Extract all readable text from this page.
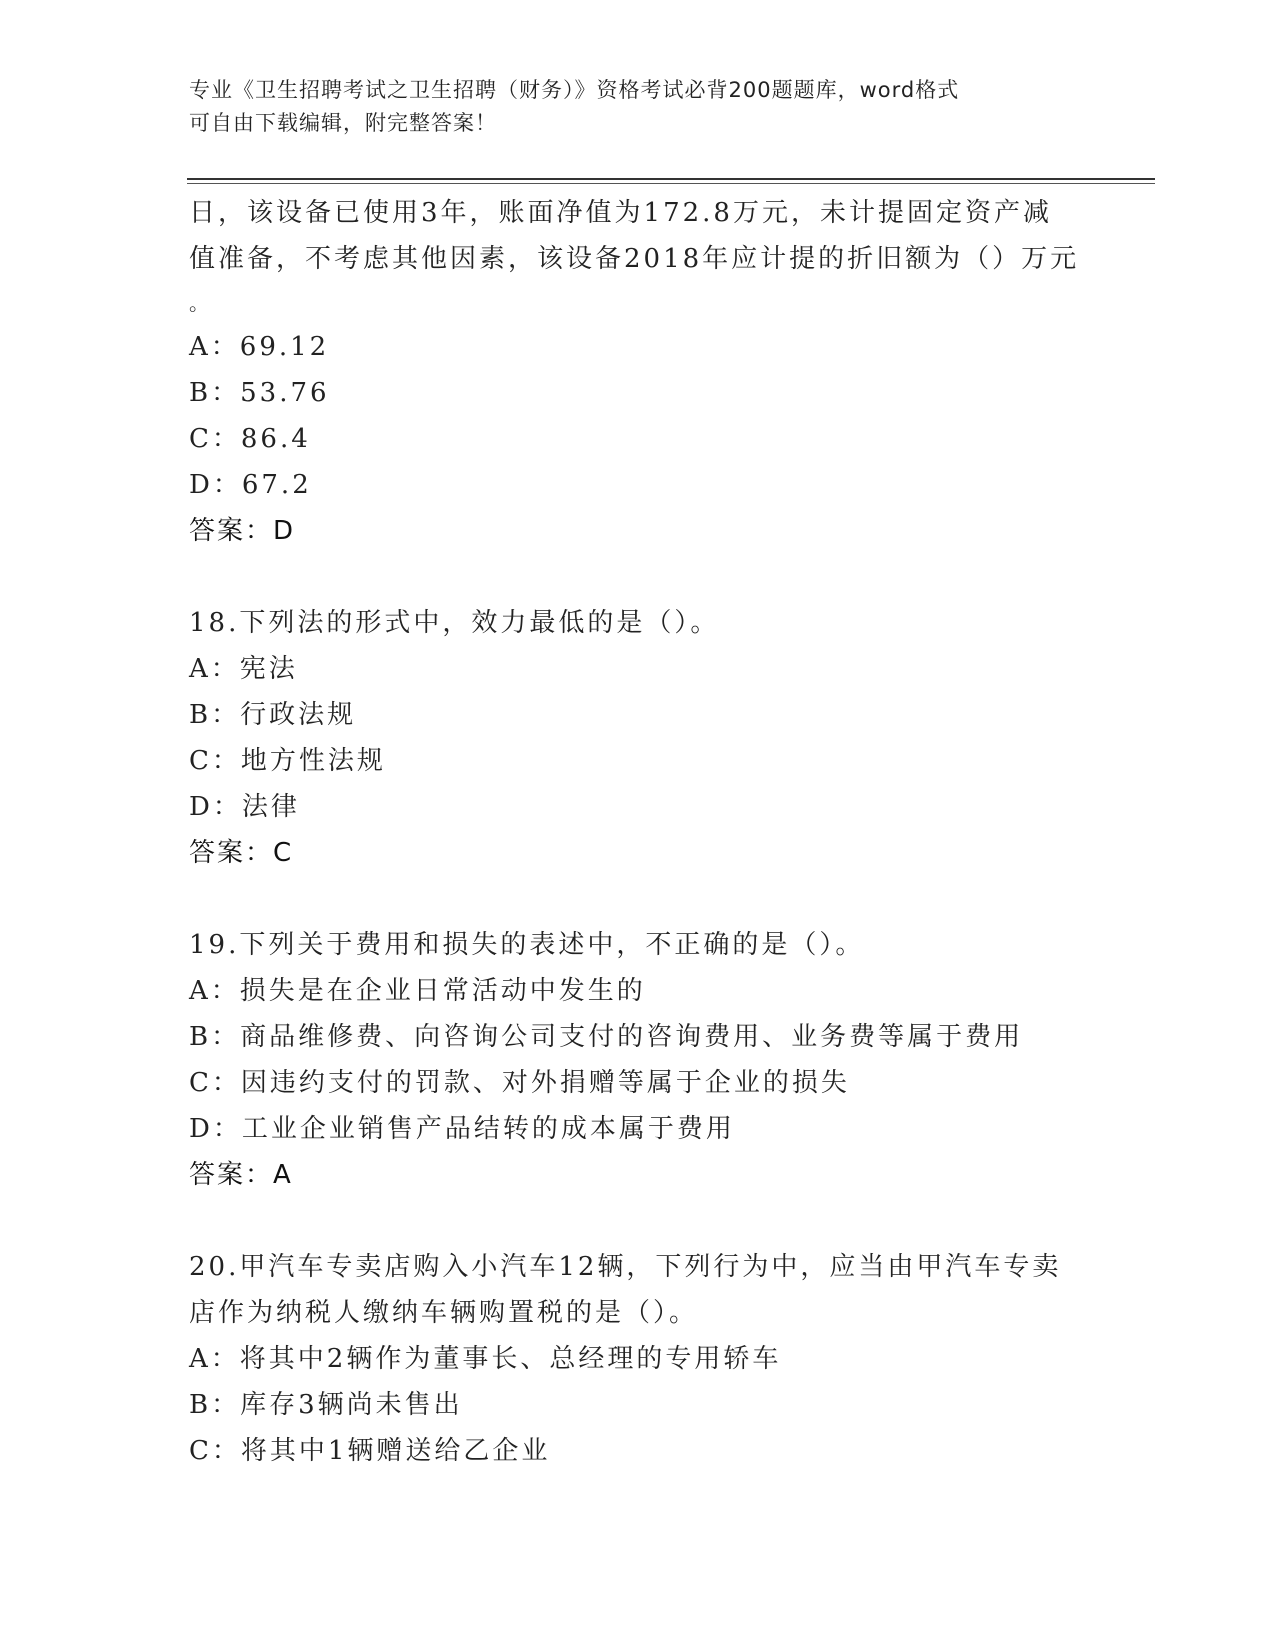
专业《卫生招聘考试之卫生招聘（财务）》资格考试必背200题题库，word格式
可自由下载编辑，附完整答案！
日，该设备已使用3年，账面净值为172.8万元，未计提固定资产减
值准备，不考虑其他因素，该设备2018年应计提的折旧额为（）万元
。
A：69.12
B：53.76
C：86.4
D：67.2
答案：D
18.下列法的形式中，效力最低的是（）。
A：宪法
B：行政法规
C：地方性法规
D：法律
答案：C
19.下列关于费用和损失的表述中，不正确的是（）。
A：损失是在企业日常活动中发生的
B：商品维修费、向咨询公司支付的咨询费用、业务费等属于费用
C：因违约支付的罚款、对外捐赠等属于企业的损失
D：工业企业销售产品结转的成本属于费用
答案：A
20.甲汽车专卖店购入小汽车12辆，下列行为中，应当由甲汽车专卖
店作为纳税人缴纳车辆购置税的是（）。
A：将其中2辆作为董事长、总经理的专用轿车
B：库存3辆尚未售出
C：将其中1辆赠送给乙企业
